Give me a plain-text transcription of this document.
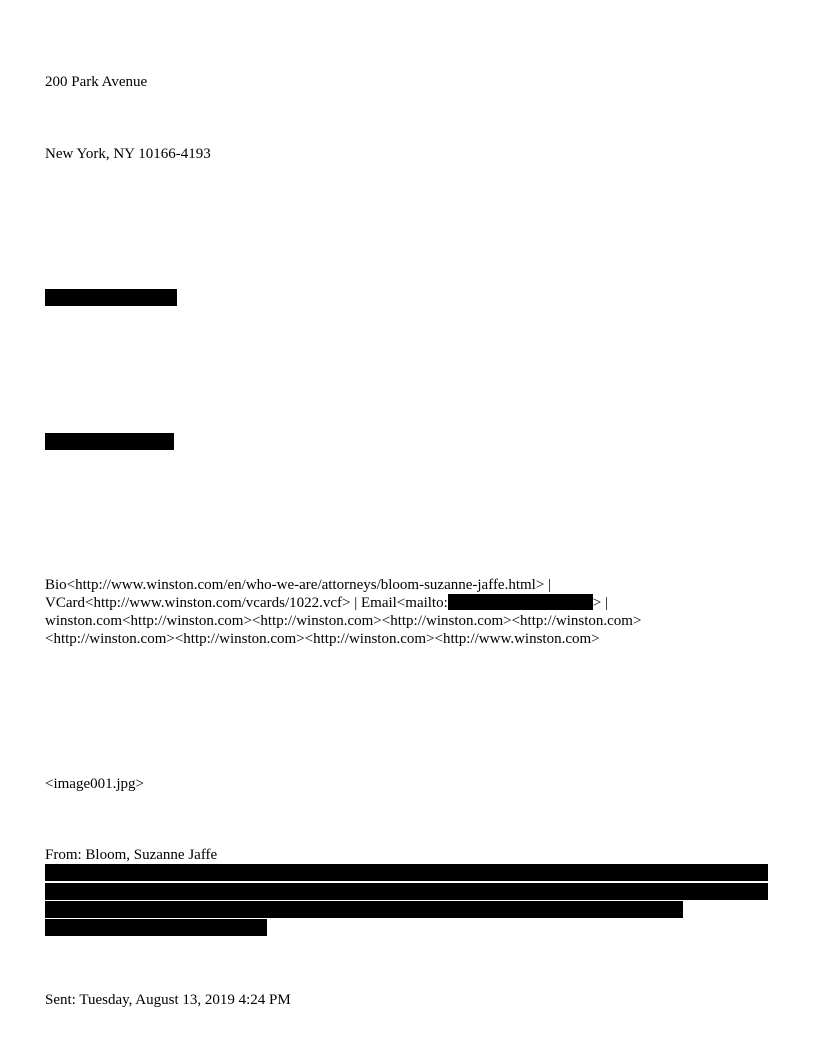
200 Park Avenue
New York, NY 10166-4193
Bio<http://www.winston.com/en/who-we-are/attorneys/bloom-suzanne-jaffe.html> |
VCard<http://www.winston.com/vcards/1022.vcf> | Email<mailto:	> |
winston.com<http://winston.com><http://winston.com><http://winston.com><http://winston.com>
<http://winston.com><http://winston.com><http://winston.com><http://www.winston.com>
<image001.jpg>
From: Bloom, Suzanne Jaffe
Sent: Tuesday, August 13, 2019 4:24 PM
